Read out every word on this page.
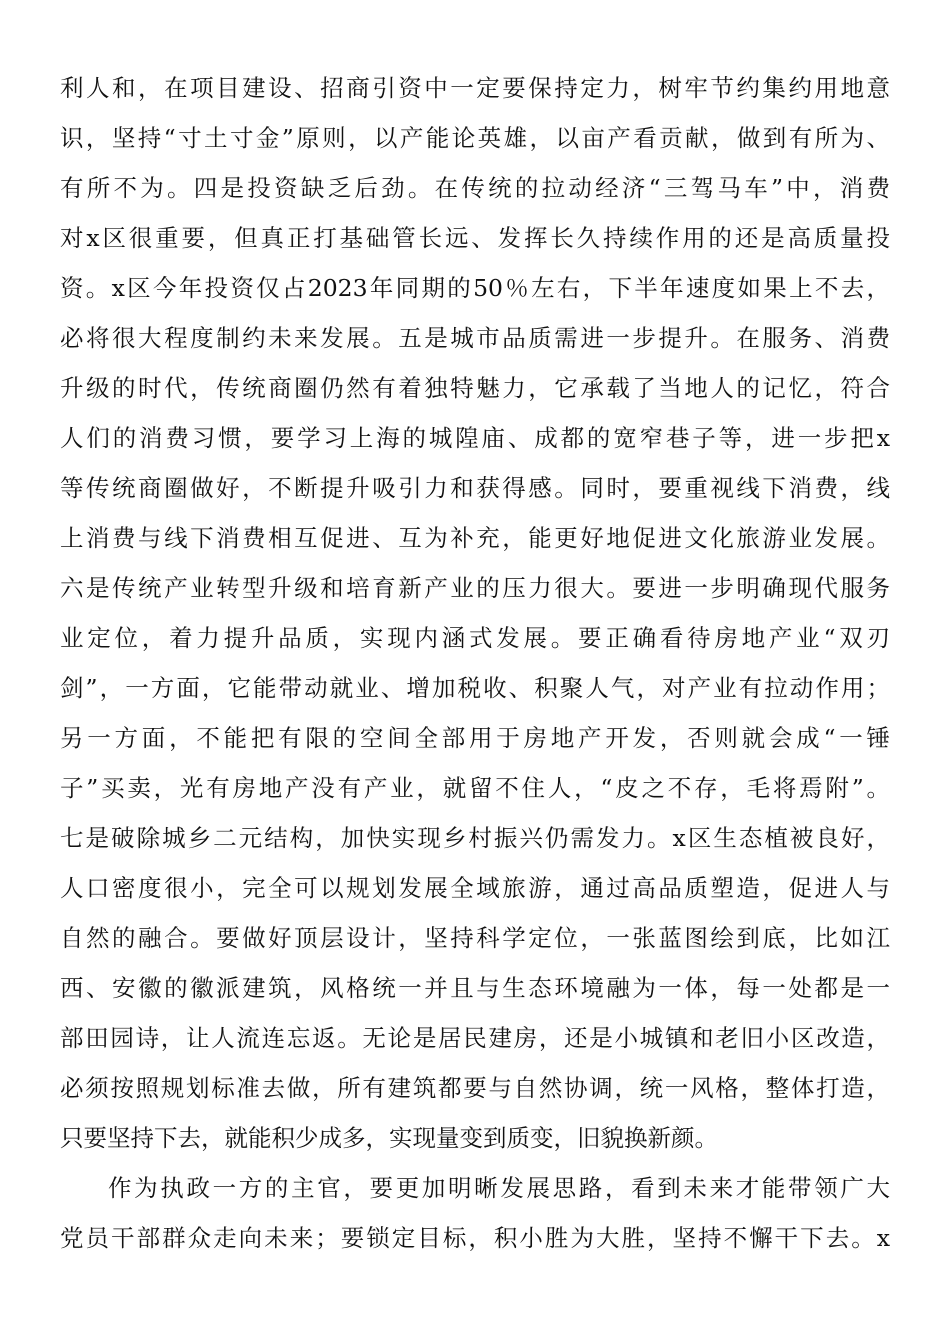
利人和，在项目建设、招商引资中一定要保持定力，树牢节约集约用地意
识，坚持“寸土寸金”原则，以产能论英雄，以亩产看贡献，做到有所为、
有所不为。四是投资缺乏后劲。在传统的拉动经济“三驾马车”中，消费
对x区很重要，但真正打基础管长远、发挥长久持续作用的还是高质量投
资。x区今年投资仅占2023年同期的50％左右，下半年速度如果上不去，
必将很大程度制约未来发展。五是城市品质需进一步提升。在服务、消费
升级的时代，传统商圈仍然有着独特魅力，它承载了当地人的记忆，符合
人们的消费习惯，要学习上海的城隍庙、成都的宽窄巷子等，进一步把x
等传统商圈做好，不断提升吸引力和获得感。同时，要重视线下消费，线
上消费与线下消费相互促进、互为补充，能更好地促进文化旅游业发展。
六是传统产业转型升级和培育新产业的压力很大。要进一步明确现代服务
业定位，着力提升品质，实现内涵式发展。要正确看待房地产业“双刃
剑”，一方面，它能带动就业、增加税收、积聚人气，对产业有拉动作用；
另一方面，不能把有限的空间全部用于房地产开发，否则就会成“一锤
子”买卖，光有房地产没有产业，就留不住人，“皮之不存，毛将焉附”。
七是破除城乡二元结构，加快实现乡村振兴仍需发力。x区生态植被良好，
人口密度很小，完全可以规划发展全域旅游，通过高品质塑造，促进人与
自然的融合。要做好顶层设计，坚持科学定位，一张蓝图绘到底，比如江
西、安徽的徽派建筑，风格统一并且与生态环境融为一体，每一处都是一
部田园诗，让人流连忘返。无论是居民建房，还是小城镇和老旧小区改造，
必须按照规划标准去做，所有建筑都要与自然协调，统一风格，整体打造，
只要坚持下去，就能积少成多，实现量变到质变，旧貌换新颜。
作为执政一方的主官，要更加明晰发展思路，看到未来才能带领广大
党员干部群众走向未来；要锁定目标，积小胜为大胜，坚持不懈干下去。x
